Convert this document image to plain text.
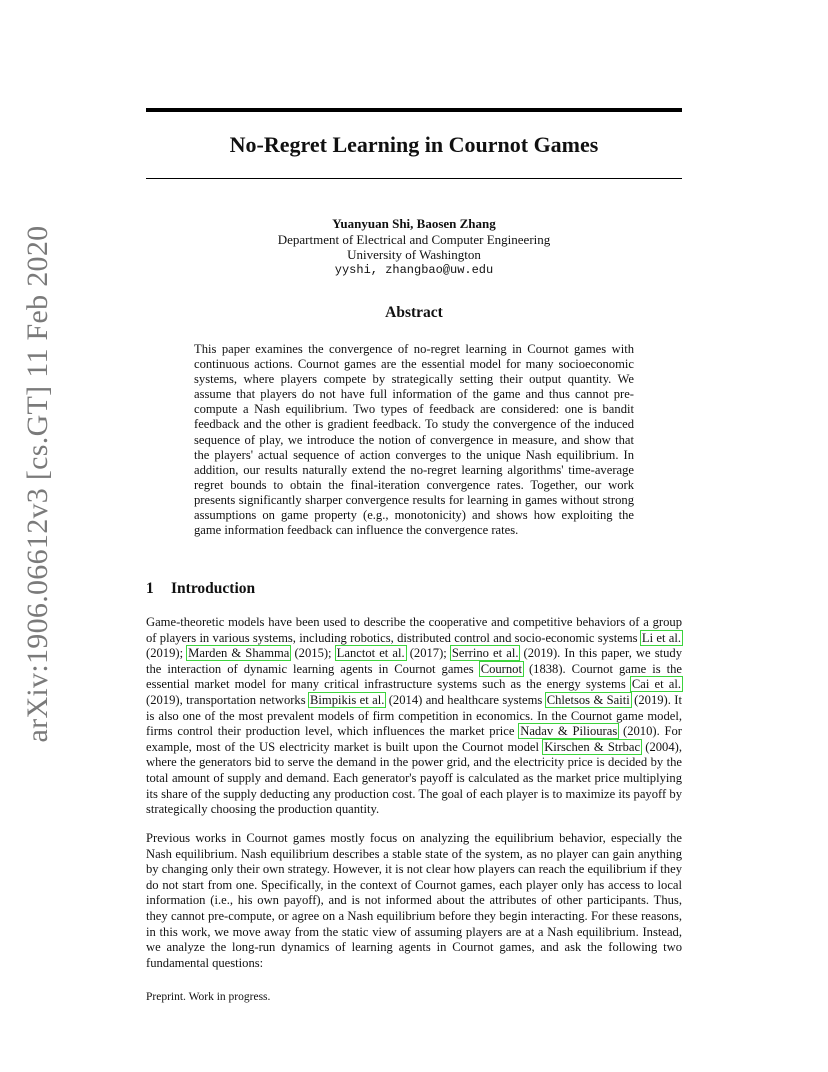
arXiv:1906.06612v3 [cs.GT] 11 Feb 2020
No-Regret Learning in Cournot Games
Yuanyuan Shi, Baosen Zhang
Department of Electrical and Computer Engineering
University of Washington
yyshi, zhangbao@uw.edu
Abstract
This paper examines the convergence of no-regret learning in Cournot games with continuous actions. Cournot games are the essential model for many socioeconomic systems, where players compete by strategically setting their output quantity. We assume that players do not have full information of the game and thus cannot pre-compute a Nash equilibrium. Two types of feedback are considered: one is bandit feedback and the other is gradient feedback. To study the convergence of the induced sequence of play, we introduce the notion of convergence in measure, and show that the players' actual sequence of action converges to the unique Nash equilibrium. In addition, our results naturally extend the no-regret learning algorithms' time-average regret bounds to obtain the final-iteration convergence rates. Together, our work presents significantly sharper convergence results for learning in games without strong assumptions on game property (e.g., monotonicity) and shows how exploiting the game information feedback can influence the convergence rates.
1 Introduction
Game-theoretic models have been used to describe the cooperative and competitive behaviors of a group of players in various systems, including robotics, distributed control and socio-economic systems Li et al. (2019); Marden & Shamma (2015); Lanctot et al. (2017); Serrino et al. (2019). In this paper, we study the interaction of dynamic learning agents in Cournot games Cournot (1838). Cournot game is the essential market model for many critical infrastructure systems such as the energy systems Cai et al. (2019), transportation networks Bimpikis et al. (2014) and healthcare systems Chletsos & Saiti (2019). It is also one of the most prevalent models of firm competition in economics. In the Cournot game model, firms control their production level, which influences the market price Nadav & Piliouras (2010). For example, most of the US electricity market is built upon the Cournot model Kirschen & Strbac (2004), where the generators bid to serve the demand in the power grid, and the electricity price is decided by the total amount of supply and demand. Each generator's payoff is calculated as the market price multiplying its share of the supply deducting any production cost. The goal of each player is to maximize its payoff by strategically choosing the production quantity.
Previous works in Cournot games mostly focus on analyzing the equilibrium behavior, especially the Nash equilibrium. Nash equilibrium describes a stable state of the system, as no player can gain anything by changing only their own strategy. However, it is not clear how players can reach the equilibrium if they do not start from one. Specifically, in the context of Cournot games, each player only has access to local information (i.e., his own payoff), and is not informed about the attributes of other participants. Thus, they cannot pre-compute, or agree on a Nash equilibrium before they begin interacting. For these reasons, in this work, we move away from the static view of assuming players are at a Nash equilibrium. Instead, we analyze the long-run dynamics of learning agents in Cournot games, and ask the following two fundamental questions:
Preprint. Work in progress.
